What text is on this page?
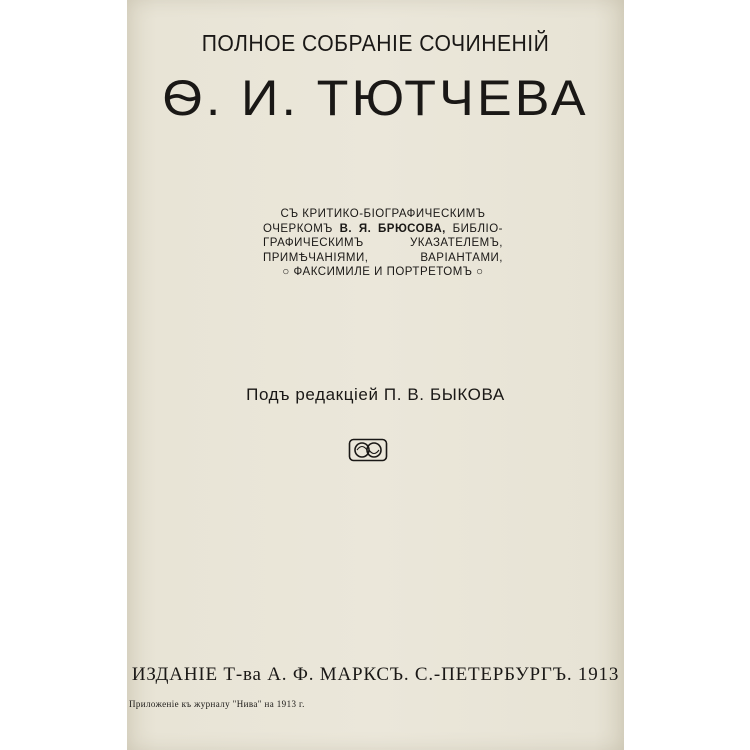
ПОЛНОЕ СОБРАНІЕ СОЧИНЕНІЙ
Ѳ. И. ТЮТЧЕВА
СЪ КРИТИКО-БІОГРАФИЧЕСКИМЪ
ОЧЕРКОМЪ В. Я. БРЮСОВА, БИБЛІО-
ГРАФИЧЕСКИМЪ УКАЗАТЕЛЕМЪ,
ПРИМѢЧАНІЯМИ, ВАРІАНТАМИ,
○ ФАКСИМИЛЕ И ПОРТРЕТОМЪ ○
Подъ редакціей П. В. БЫКОВА
ИЗДАНІЕ Т-ва А. Ф. МАРКСЪ. С.-ПЕТЕРБУРГЪ. 1913
Приложеніе къ журналу "Нива" на 1913 г.
